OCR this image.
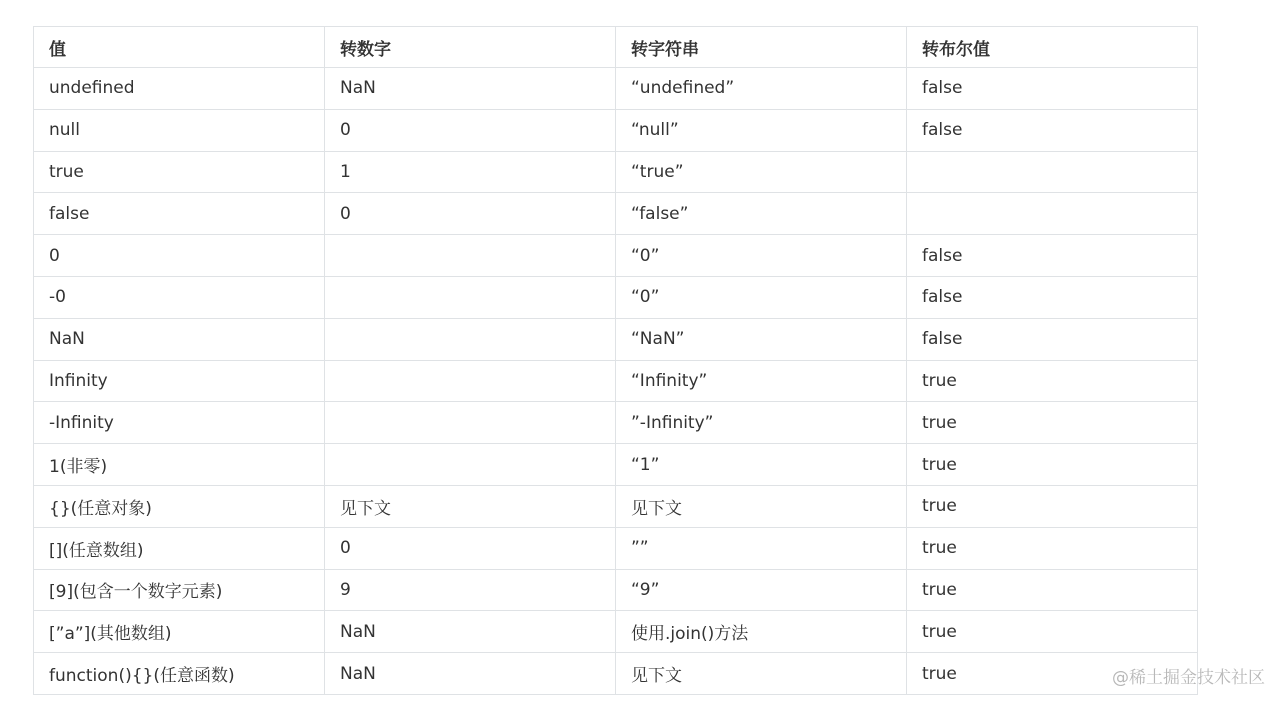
值	转数字	转字符串	转布尔值
undefined	NaN	“undefined”	false
null	0	“null”	false
true	1	“true”	
false	0	“false”	
0		“0”	false
-0		“0”	false
NaN		“NaN”	false
Infinity		“Infinity”	true
-Infinity		”-Infinity”	true
1(非零)		“1”	true
{}(任意对象)	见下文	见下文	true
[](任意数组)	0	””	true
[9](包含一个数字元素)	9	“9”	true
[”a”](其他数组)	NaN	使用.join()方法	true
function(){}(任意函数)	NaN	见下文	true	@稀土掘金技术社区
